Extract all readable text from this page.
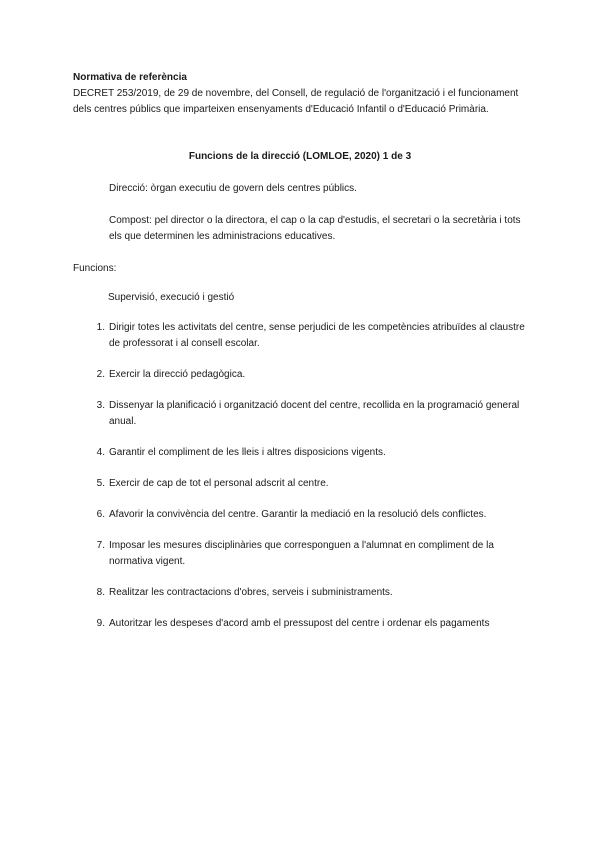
Normativa de referència

DECRET 253/2019, de 29 de novembre, del Consell, de regulació de l'organització i el funcionament dels centres públics que imparteixen ensenyaments d'Educació Infantil o d'Educació Primària.

Funcions de la direcció (LOMLOE, 2020) 1 de 3

Direcció: òrgan executiu de govern dels centres públics.

Compost: pel director o la directora, el cap o la cap d'estudis, el secretari o la secretària i tots els que determinen les administracions educatives.

Funcions:

Supervisió, execució i gestió

1. Dirigir totes les activitats del centre, sense perjudici de les competències atribuïdes al claustre de professorat i al consell escolar.
2. Exercir la direcció pedagògica.
3. Dissenyar la planificació i organització docent del centre, recollida en la programació general anual.
4. Garantir el compliment de les lleis i altres disposicions vigents.
5. Exercir de cap de tot el personal adscrit al centre.
6. Afavorir la convivència del centre. Garantir la mediació en la resolució dels conflictes.
7. Imposar les mesures disciplinàries que corresponguen a l'alumnat en compliment de la normativa vigent.
8. Realitzar les contractacions d'obres, serveis i subministraments.
9. Autoritzar les despeses d'acord amb el pressupost del centre i ordenar els pagaments
